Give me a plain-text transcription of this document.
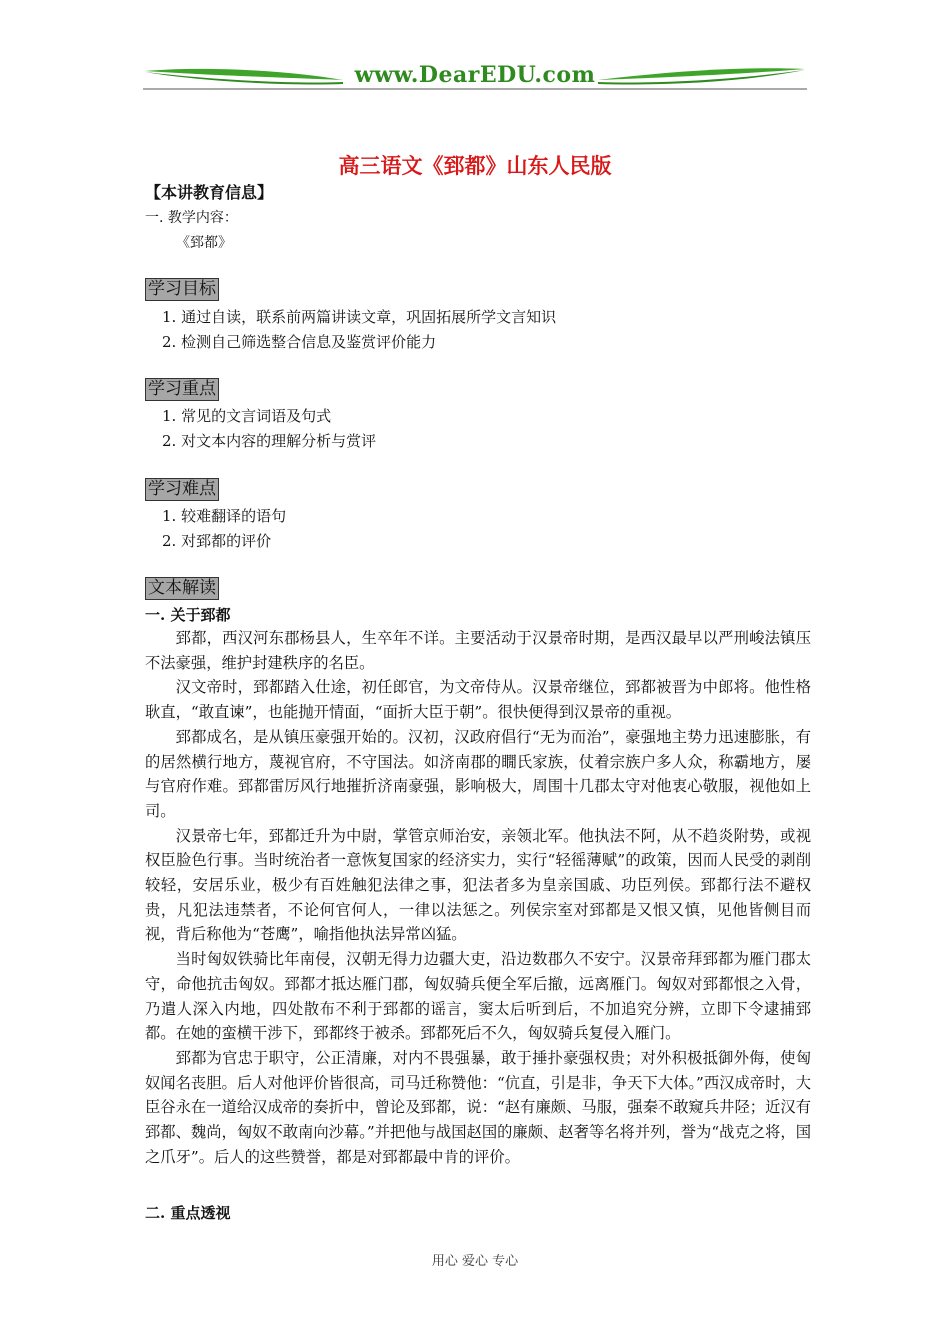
www.DearEDU.com
高三语文《郅都》山东人民版
【本讲教育信息】
一. 教学内容：
《郅都》
学习目标
1. 通过自读，联系前两篇讲读文章，巩固拓展所学文言知识
2. 检测自己筛选整合信息及鉴赏评价能力
学习重点
1. 常见的文言词语及句式
2. 对文本内容的理解分析与赏评
学习难点
1. 较难翻译的语句
2. 对郅都的评价
文本解读
一. 关于郅都

郅都，西汉河东郡杨县人，生卒年不详。主要活动于汉景帝时期，是西汉最早以严刑峻法镇压不法豪强，维护封建秩序的名臣。

汉文帝时，郅都踏入仕途，初任郎官，为文帝侍从。汉景帝继位，郅都被晋为中郎将。他性格耿直，“敢直谏”，也能抛开情面，“面折大臣于朝”。很快便得到汉景帝的重视。

郅都成名，是从镇压豪强开始的。汉初，汉政府倡行“无为而治”，豪强地主势力迅速膨胀，有的居然横行地方，蔑视官府，不守国法。如济南郡的瞯氏家族，仗着宗族户多人众，称霸地方，屡与官府作难。郅都雷厉风行地摧折济南豪强，影响极大，周围十几郡太守对他衷心敬服，视他如上司。

汉景帝七年，郅都迁升为中尉，掌管京师治安，亲领北军。他执法不阿，从不趋炎附势，或视权臣脸色行事。当时统治者一意恢复国家的经济实力，实行“轻徭薄赋”的政策，因而人民受的剥削较轻，安居乐业，极少有百姓触犯法律之事，犯法者多为皇亲国戚、功臣列侯。郅都行法不避权贵，凡犯法违禁者，不论何官何人，一律以法惩之。列侯宗室对郅都是又恨又慎，见他皆侧目而视，背后称他为“苍鹰”，喻指他执法异常凶猛。

当时匈奴铁骑比年南侵，汉朝无得力边疆大吏，沿边数郡久不安宁。汉景帝拜郅都为雁门郡太守，命他抗击匈奴。郅都才抵达雁门郡，匈奴骑兵便全军后撤，远离雁门。匈奴对郅都恨之入骨，乃遣人深入内地，四处散布不利于郅都的谣言，窦太后听到后，不加追究分辨，立即下令逮捕郅都。在她的蛮横干涉下，郅都终于被杀。郅都死后不久，匈奴骑兵复侵入雁门。

郅都为官忠于职守，公正清廉，对内不畏强暴，敢于捶扑豪强权贵；对外积极抵御外侮，使匈奴闻名丧胆。后人对他评价皆很高，司马迁称赞他：“伉直，引是非，争天下大体。”西汉成帝时，大臣谷永在一道给汉成帝的奏折中，曾论及郅都，说：“赵有廉颇、马服，强秦不敢窥兵井陉；近汉有郅都、魏尚，匈奴不敢南向沙幕。”并把他与战国赵国的廉颇、赵奢等名将并列，誉为“战克之将，国之爪牙”。后人的这些赞誉，都是对郅都最中肯的评价。

二. 重点透视
用心 爱心 专心
